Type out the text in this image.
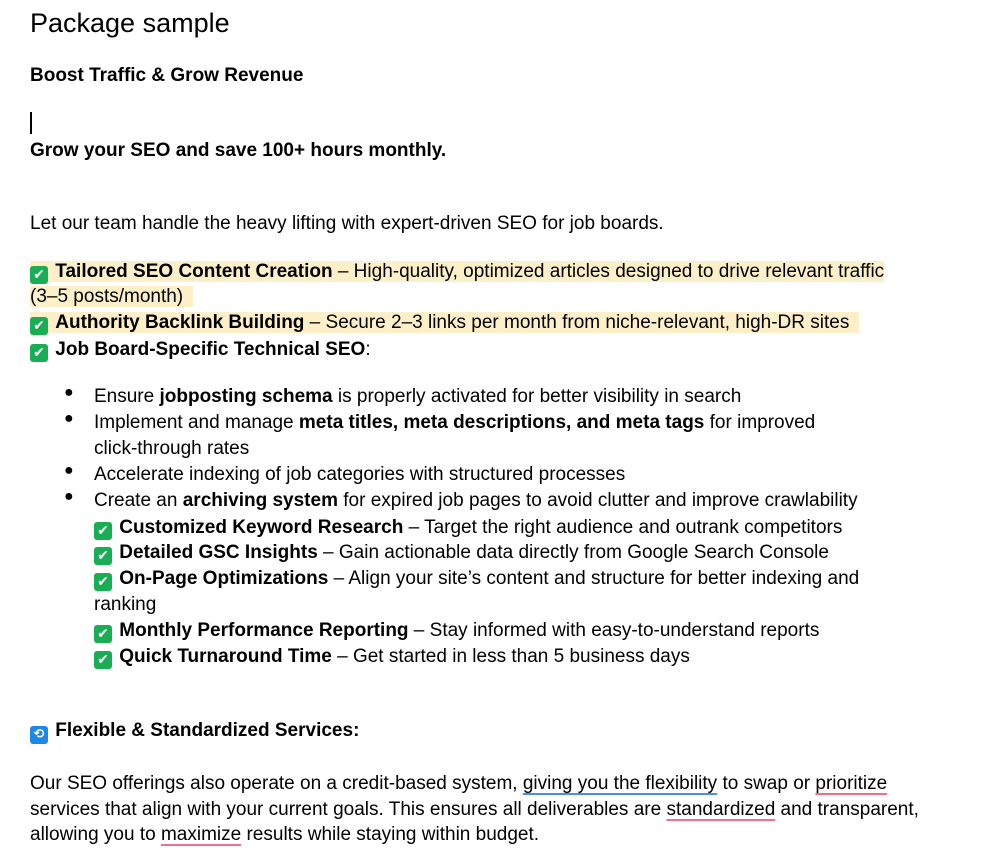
Package sample
Boost Traffic & Grow Revenue
Grow your SEO and save 100+ hours monthly.
Let our team handle the heavy lifting with expert-driven SEO for job boards.
✔ Tailored SEO Content Creation – High-quality, optimized articles designed to drive relevant traffic
(3–5 posts/month)
✔ Authority Backlink Building – Secure 2–3 links per month from niche-relevant, high-DR sites
✔ Job Board-Specific Technical SEO:
● Ensure jobposting schema is properly activated for better visibility in search
● Implement and manage meta titles, meta descriptions, and meta tags for improved
click-through rates
● Accelerate indexing of job categories with structured processes
● Create an archiving system for expired job pages to avoid clutter and improve crawlability
✔ Customized Keyword Research – Target the right audience and outrank competitors
✔ Detailed GSC Insights – Gain actionable data directly from Google Search Console
✔ On-Page Optimizations – Align your site’s content and structure for better indexing and
ranking
✔ Monthly Performance Reporting – Stay informed with easy-to-understand reports
✔ Quick Turnaround Time – Get started in less than 5 business days
⟲ Flexible & Standardized Services:
Our SEO offerings also operate on a credit-based system, giving you the flexibility to swap or prioritize
services that align with your current goals. This ensures all deliverables are standardized and transparent,
allowing you to maximize results while staying within budget.
